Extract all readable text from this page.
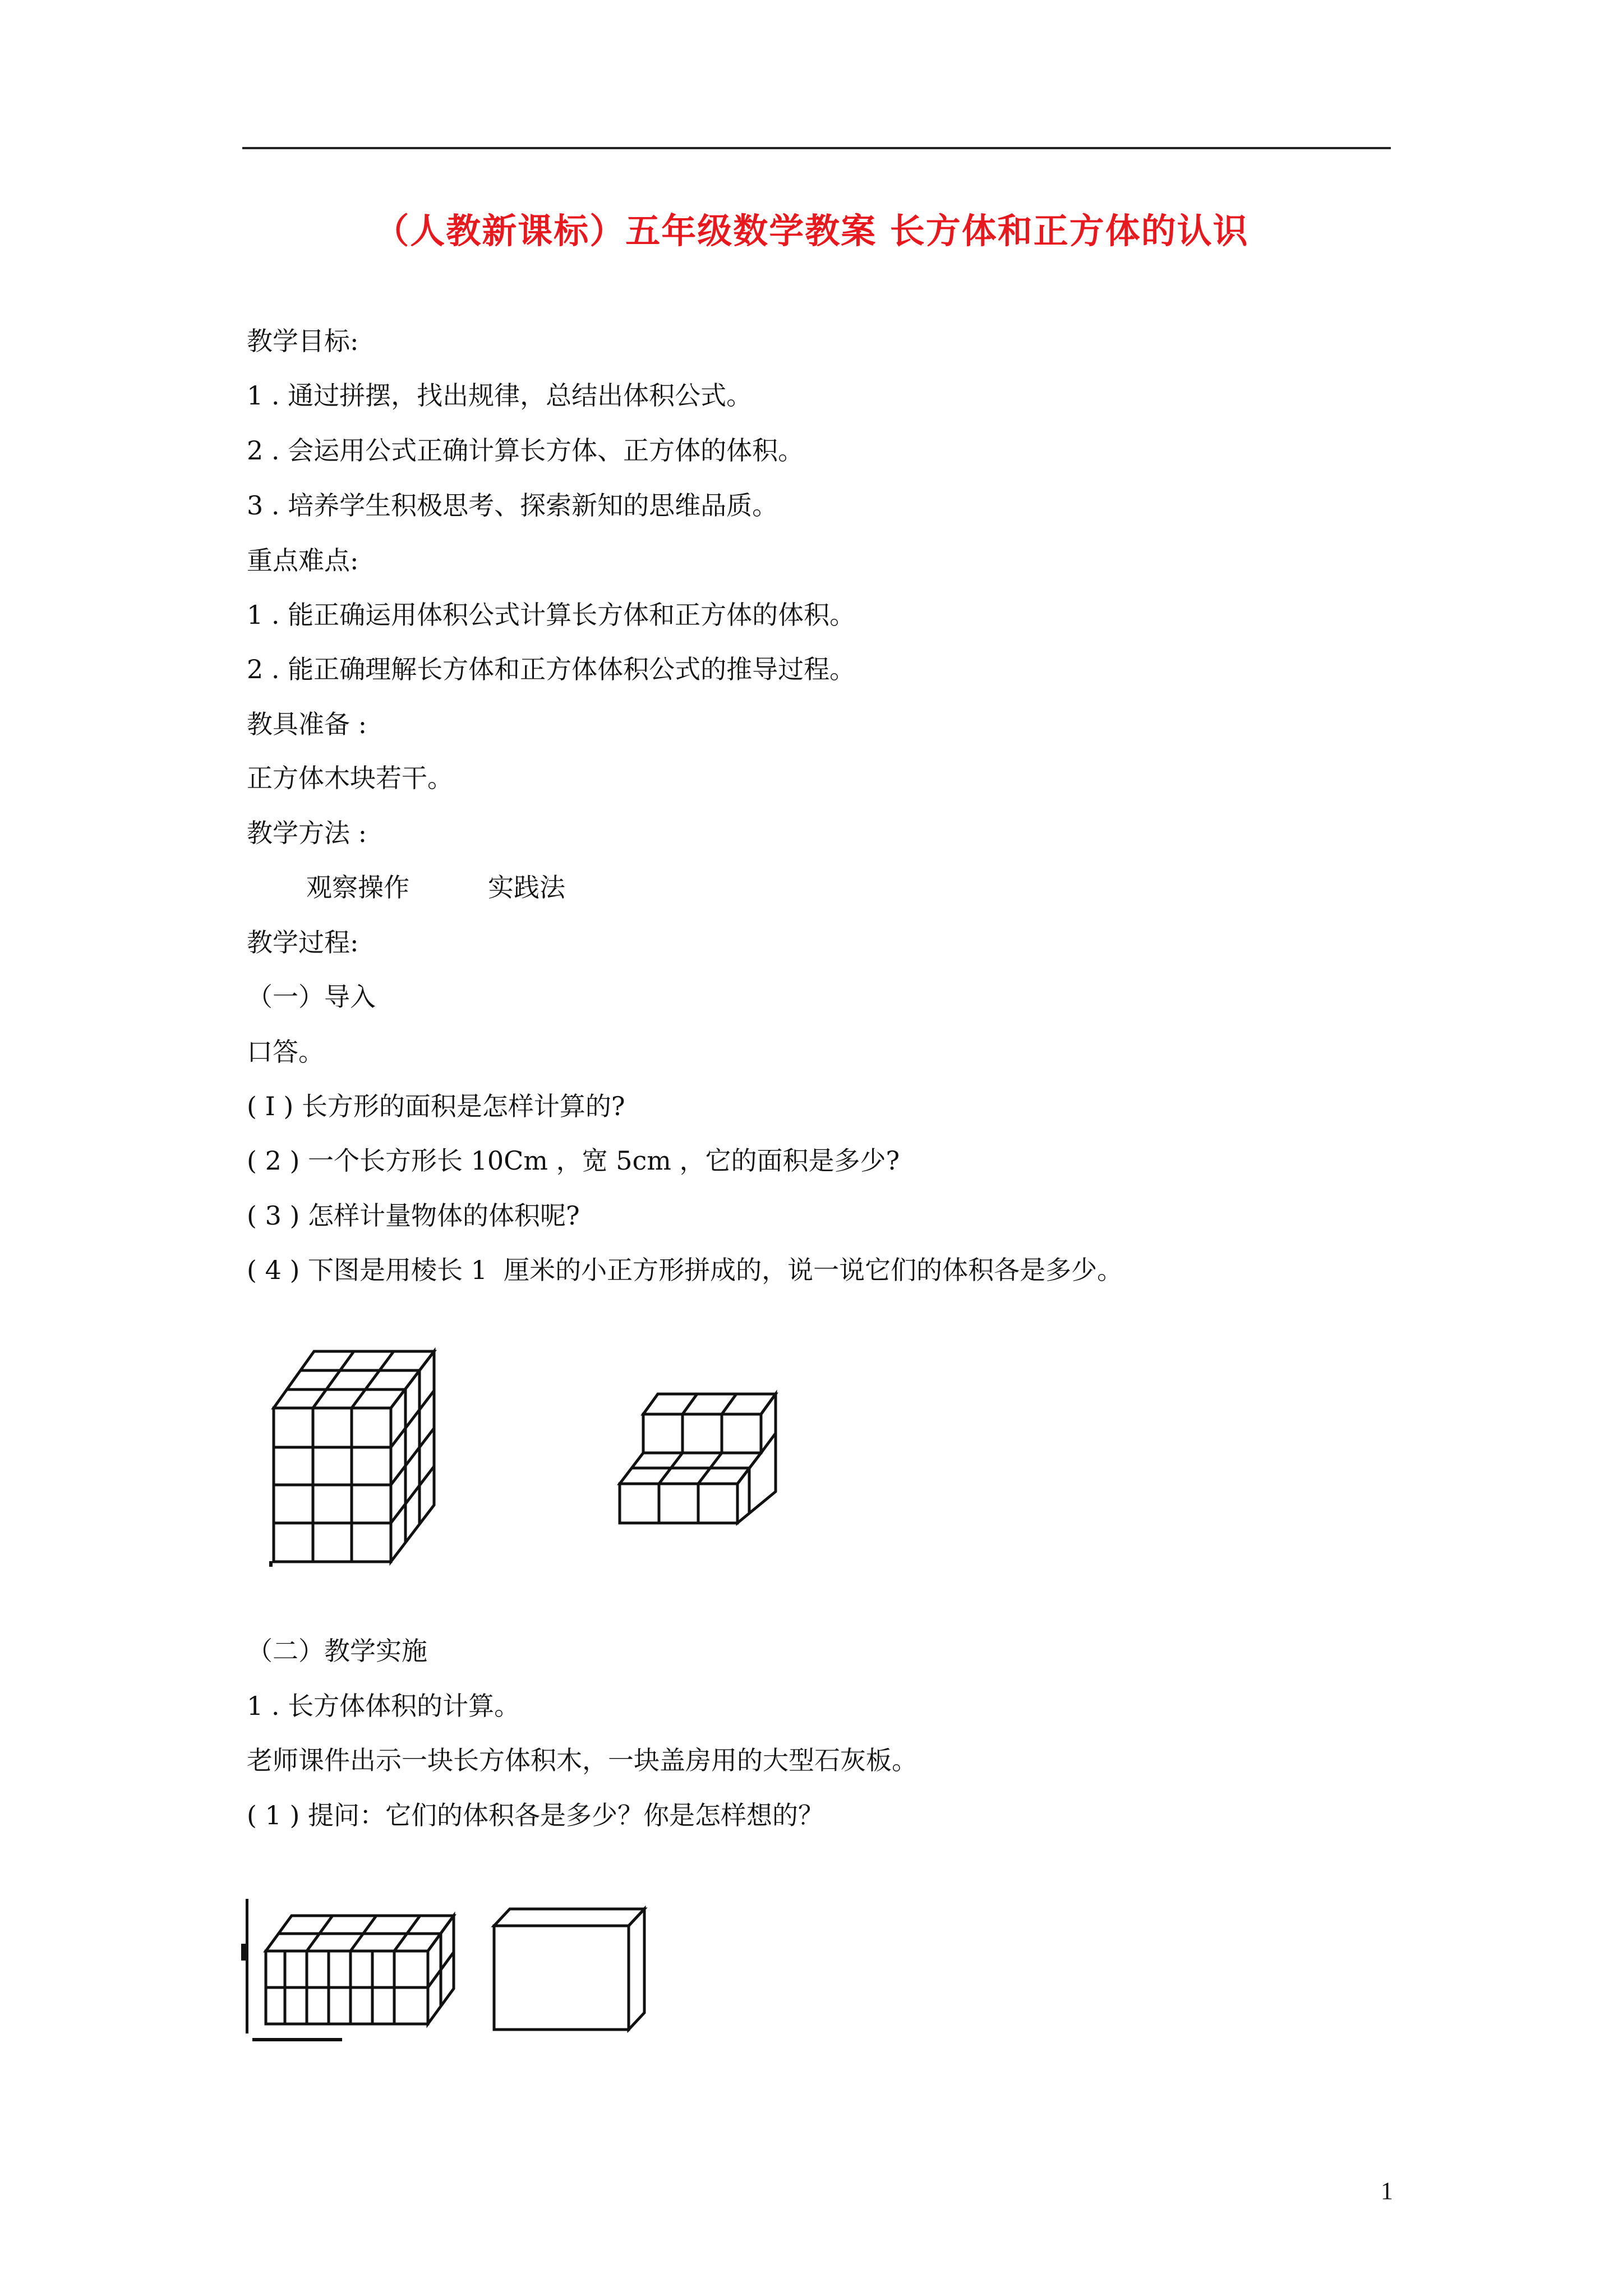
（人教新课标）五年级数学教案 长方体和正方体的认识
教学目标:
1 . 通过拼摆，找出规律，总结出体积公式。
2 . 会运用公式正确计算长方体、正方体的体积。
3 . 培养学生积极思考、探索新知的思维品质。
重点难点:
1 . 能正确运用体积公式计算长方体和正方体的体积。
2 . 能正确理解长方体和正方体体积公式的推导过程。
教具准备 :
正方体木块若干。
教学方法 :
观察操作	实践法
教学过程:
（一）导入
口答。
( I ) 长方形的面积是怎样计算的?
( 2 ) 一个长方形长 10Cm ，宽 5cm ，它的面积是多少?
( 3 ) 怎样计量物体的体积呢?
( 4 ) 下图是用棱长 1  厘米的小正方形拼成的，说一说它们的体积各是多少。
（二）教学实施
1 . 长方体体积的计算。
老师课件出示一块长方体积木，一块盖房用的大型石灰板。
( 1 ) 提问：它们的体积各是多少？你是怎样想的？
1
